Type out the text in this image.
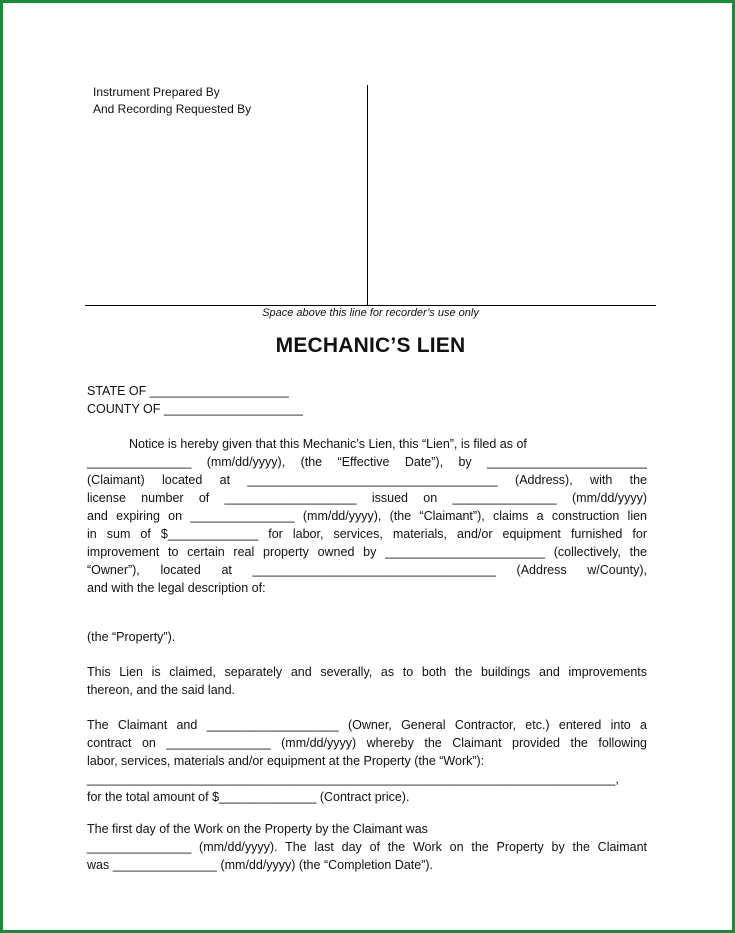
Instrument Prepared By
And Recording Requested By
Space above this line for recorder’s use only
MECHANIC’S LIEN
STATE OF ____________________
COUNTY OF ____________________
Notice is hereby given that this Mechanic’s Lien, this “Lien”, is filed as of
_______________ (mm/dd/yyyy), (the “Effective Date”), by _______________________
(Claimant) located at ____________________________________ (Address), with the
license number of ___________________ issued on _______________ (mm/dd/yyyy)
and expiring on _______________ (mm/dd/yyyy), (the “Claimant”), claims a construction lien
in sum of $_____________ for labor, services, materials, and/or equipment furnished for
improvement to certain real property owned by _______________________ (collectively, the
“Owner”), located at ___________________________________ (Address w/County),
and with the legal description of:
(the “Property”).
This Lien is claimed, separately and severally, as to both the buildings and improvements
thereon, and the said land.
The Claimant and ___________________ (Owner, General Contractor, etc.) entered into a
contract on _______________ (mm/dd/yyyy) whereby the Claimant provided the following
labor, services, materials and/or equipment at the Property (the “Work”):
____________________________________________________________________________,
for the total amount of $______________ (Contract price).
The first day of the Work on the Property by the Claimant was
_______________ (mm/dd/yyyy). The last day of the Work on the Property by the Claimant
was _______________ (mm/dd/yyyy) (the “Completion Date”).
